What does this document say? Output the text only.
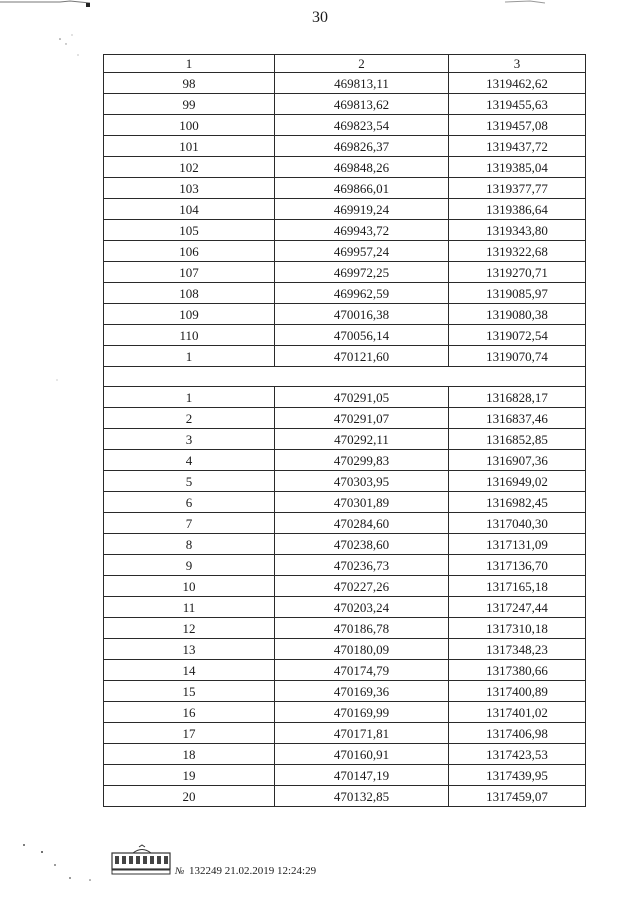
30
1	2	3
98	469813,11	1319462,62
99	469813,62	1319455,63
100	469823,54	1319457,08
101	469826,37	1319437,72
102	469848,26	1319385,04
103	469866,01	1319377,77
104	469919,24	1319386,64
105	469943,72	1319343,80
106	469957,24	1319322,68
107	469972,25	1319270,71
108	469962,59	1319085,97
109	470016,38	1319080,38
110	470056,14	1319072,54
1	470121,60	1319070,74

1	470291,05	1316828,17
2	470291,07	1316837,46
3	470292,11	1316852,85
4	470299,83	1316907,36
5	470303,95	1316949,02
6	470301,89	1316982,45
7	470284,60	1317040,30
8	470238,60	1317131,09
9	470236,73	1317136,70
10	470227,26	1317165,18
11	470203,24	1317247,44
12	470186,78	1317310,18
13	470180,09	1317348,23
14	470174,79	1317380,66
15	470169,36	1317400,89
16	470169,99	1317401,02
17	470171,81	1317406,98
18	470160,91	1317423,53
19	470147,19	1317439,95
20	470132,85	1317459,07
№ 132249 21.02.2019 12:24:29
